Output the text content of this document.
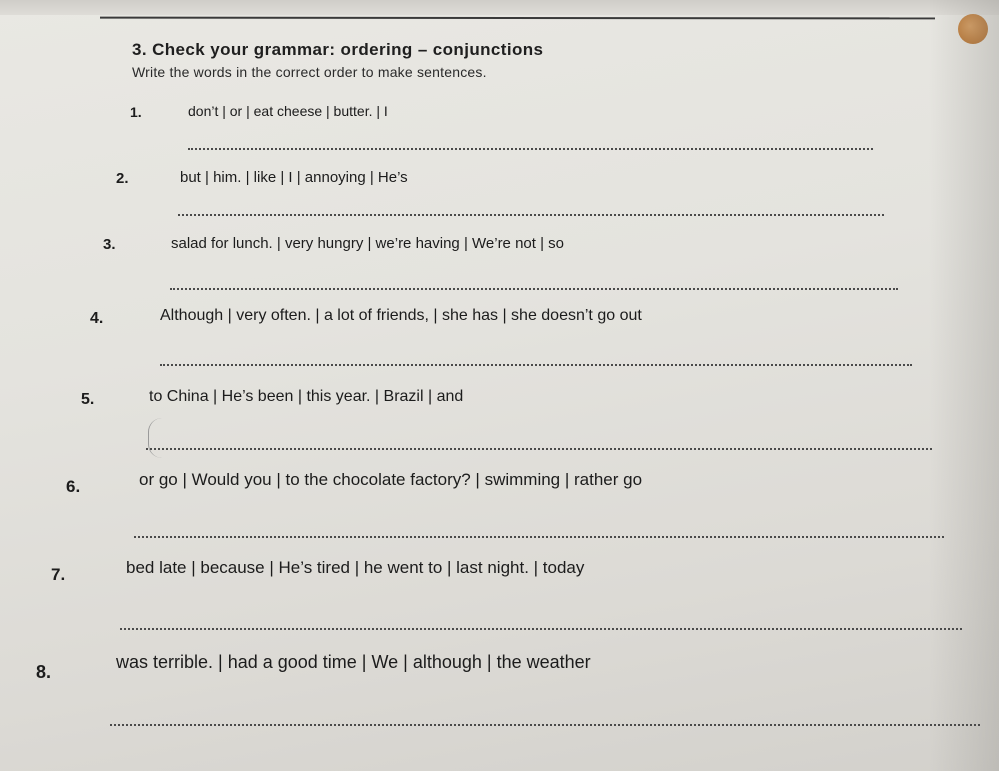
3. Check your grammar: ordering – conjunctions
Write the words in the correct order to make sentences.
1.	don’t | or | eat cheese | butter. | I
2.	but | him. | like | I | annoying | He’s
3.	salad for lunch. | very hungry | we’re having | We’re not | so
4.	Although | very often. | a lot of friends, | she has | she doesn’t go out
5.	to China | He’s been | this year. | Brazil | and
6.	or go | Would you | to the chocolate factory? | swimming | rather go
7.	bed late | because | He’s tired | he went to | last night. | today
8.	was terrible. | had a good time | We | although | the weather
